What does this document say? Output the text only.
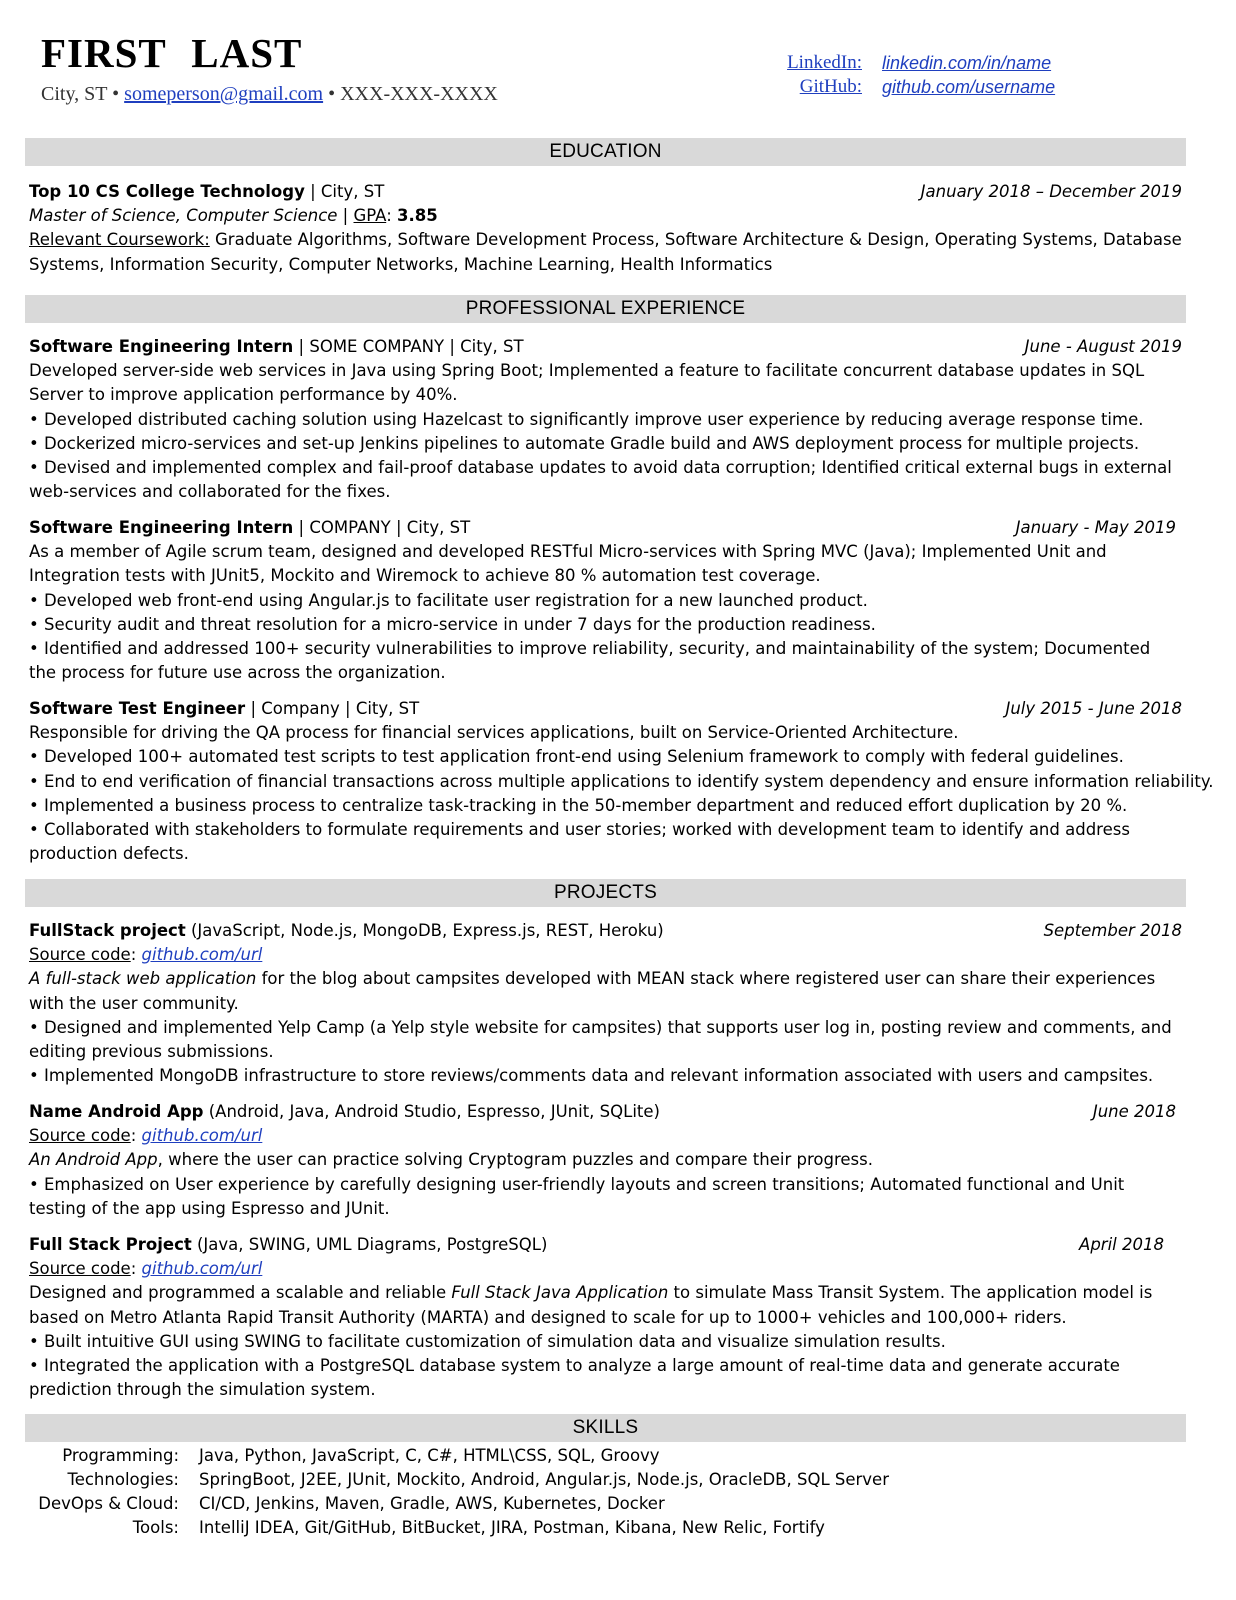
FIRST LAST
City, ST • someperson@gmail.com • XXX-XXX-XXXX
LinkedIn:	linkedin.com/in/name
GitHub:	github.com/username
EDUCATION
Top 10 CS College Technology | City, ST	January 2018 – December 2019
Master of Science, Computer Science | GPA: 3.85
Relevant Coursework: Graduate Algorithms, Software Development Process, Software Architecture & Design, Operating Systems, Database Systems, Information Security, Computer Networks, Machine Learning, Health Informatics
PROFESSIONAL EXPERIENCE
Software Engineering Intern | SOME COMPANY | City, ST	June - August 2019
Developed server-side web services in Java using Spring Boot; Implemented a feature to facilitate concurrent database updates in SQL Server to improve application performance by 40%.
• Developed distributed caching solution using Hazelcast to significantly improve user experience by reducing average response time.
• Dockerized micro-services and set-up Jenkins pipelines to automate Gradle build and AWS deployment process for multiple projects.
• Devised and implemented complex and fail-proof database updates to avoid data corruption; Identified critical external bugs in external web-services and collaborated for the fixes.
Software Engineering Intern | COMPANY | City, ST	January - May 2019
As a member of Agile scrum team, designed and developed RESTful Micro-services with Spring MVC (Java); Implemented Unit and Integration tests with JUnit5, Mockito and Wiremock to achieve 80 % automation test coverage.
• Developed web front-end using Angular.js to facilitate user registration for a new launched product.
• Security audit and threat resolution for a micro-service in under 7 days for the production readiness.
• Identified and addressed 100+ security vulnerabilities to improve reliability, security, and maintainability of the system; Documented the process for future use across the organization.
Software Test Engineer | Company | City, ST	July 2015 - June 2018
Responsible for driving the QA process for financial services applications, built on Service-Oriented Architecture.
• Developed 100+ automated test scripts to test application front-end using Selenium framework to comply with federal guidelines.
• End to end verification of financial transactions across multiple applications to identify system dependency and ensure information reliability.
• Implemented a business process to centralize task-tracking in the 50-member department and reduced effort duplication by 20 %.
• Collaborated with stakeholders to formulate requirements and user stories; worked with development team to identify and address production defects.
PROJECTS
FullStack project (JavaScript, Node.js, MongoDB, Express.js, REST, Heroku)	September 2018
Source code: github.com/url
A full-stack web application for the blog about campsites developed with MEAN stack where registered user can share their experiences with the user community.
• Designed and implemented Yelp Camp (a Yelp style website for campsites) that supports user log in, posting review and comments, and editing previous submissions.
• Implemented MongoDB infrastructure to store reviews/comments data and relevant information associated with users and campsites.
Name Android App (Android, Java, Android Studio, Espresso, JUnit, SQLite)	June 2018
Source code: github.com/url
An Android App, where the user can practice solving Cryptogram puzzles and compare their progress.
• Emphasized on User experience by carefully designing user-friendly layouts and screen transitions; Automated functional and Unit testing of the app using Espresso and JUnit.
Full Stack Project (Java, SWING, UML Diagrams, PostgreSQL)	April 2018
Source code: github.com/url
Designed and programmed a scalable and reliable Full Stack Java Application to simulate Mass Transit System. The application model is based on Metro Atlanta Rapid Transit Authority (MARTA) and designed to scale for up to 1000+ vehicles and 100,000+ riders.
• Built intuitive GUI using SWING to facilitate customization of simulation data and visualize simulation results.
• Integrated the application with a PostgreSQL database system to analyze a large amount of real-time data and generate accurate prediction through the simulation system.
SKILLS
Programming:	Java, Python, JavaScript, C, C#, HTML\CSS, SQL, Groovy
Technologies:	SpringBoot, J2EE, JUnit, Mockito, Android, Angular.js, Node.js, OracleDB, SQL Server
DevOps & Cloud:	CI/CD, Jenkins, Maven, Gradle, AWS, Kubernetes, Docker
Tools:	IntelliJ IDEA, Git/GitHub, BitBucket, JIRA, Postman, Kibana, New Relic, Fortify
